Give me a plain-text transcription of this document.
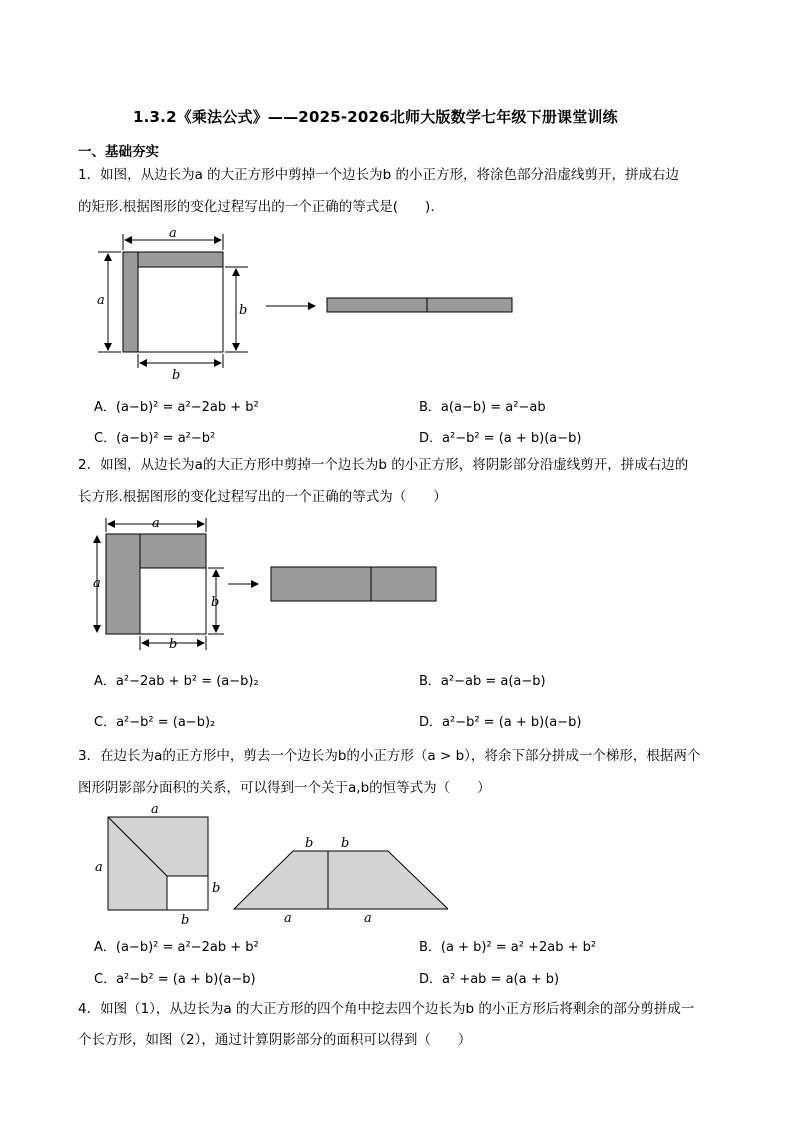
1.3.2《乘法公式》——2025-2026北师大版数学七年级下册课堂训练
一、基础夯实
1．如图，从边长为a 的大正方形中剪掉一个边长为b 的小正方形，将涂色部分沿虚线剪开，拼成右边
的矩形.根据图形的变化过程写出的一个正确的等式是(　　).
a
a
b
b
A．(a−b)² = a²−2ab + b²	B．a(a−b) = a²−ab
C．(a−b)² = a²−b²	D．a²−b² = (a + b)(a−b)
2．如图，从边长为a的大正方形中剪掉一个边长为b 的小正方形，将阴影部分沿虚线剪开，拼成右边的
长方形.根据图形的变化过程写出的一个正确的等式为（　　）
a
a
b
b
A．a²−2ab + b² = (a−b)₂	B．a²−ab = a(a−b)
C．a²−b² = (a−b)₂	D．a²−b² = (a + b)(a−b)
3．在边长为a的正方形中，剪去一个边长为b的小正方形（a > b），将余下部分拼成一个梯形，根据两个
图形阴影部分面积的关系，可以得到一个关于a,b的恒等式为（　　）
a
a
b
b
b b
a	a
A．(a−b)² = a²−2ab + b²	B．(a + b)² = a² +2ab + b²
C．a²−b² = (a + b)(a−b)	D．a² +ab = a(a + b)
4．如图（1），从边长为a 的大正方形的四个角中挖去四个边长为b 的小正方形后将剩余的部分剪拼成一
个长方形，如图（2），通过计算阴影部分的面积可以得到（　　）
